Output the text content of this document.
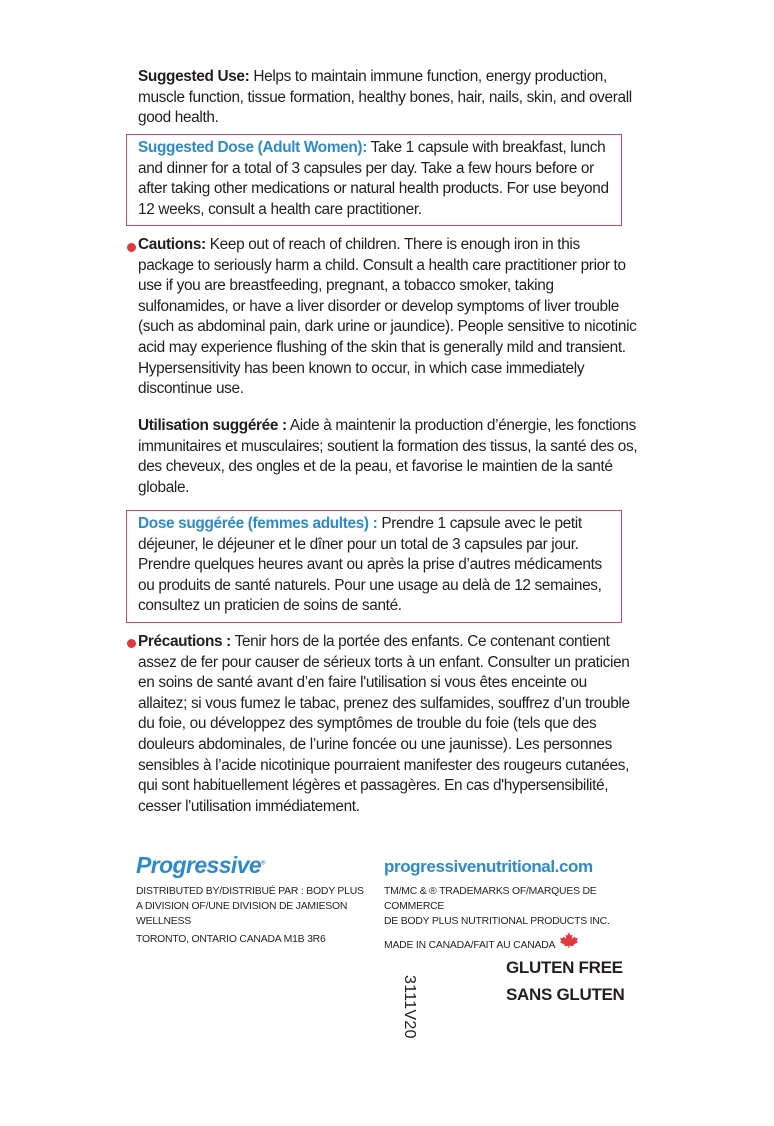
Suggested Use: Helps to maintain immune function, energy production, muscle function, tissue formation, healthy bones, hair, nails, skin, and overall good health.
Suggested Dose (Adult Women): Take 1 capsule with breakfast, lunch and dinner for a total of 3 capsules per day. Take a few hours before or after taking other medications or natural health products. For use beyond 12 weeks, consult a health care practitioner.
Cautions: Keep out of reach of children. There is enough iron in this package to seriously harm a child. Consult a health care practitioner prior to use if you are breastfeeding, pregnant, a tobacco smoker, taking sulfonamides, or have a liver disorder or develop symptoms of liver trouble (such as abdominal pain, dark urine or jaundice). People sensitive to nicotinic acid may experience flushing of the skin that is generally mild and transient. Hypersensitivity has been known to occur, in which case immediately discontinue use.
Utilisation suggérée : Aide à maintenir la production d’énergie, les fonctions immunitaires et musculaires; soutient la formation des tissus, la santé des os, des cheveux, des ongles et de la peau, et favorise le maintien de la santé globale.
Dose suggérée (femmes adultes) : Prendre 1 capsule avec le petit déjeuner, le déjeuner et le dîner pour un total de 3 capsules par jour. Prendre quelques heures avant ou après la prise d’autres médicaments ou produits de santé naturels. Pour une usage au delà de 12 semaines, consultez un praticien de soins de santé.
Précautions : Tenir hors de la portée des enfants. Ce contenant contient assez de fer pour causer de sérieux torts à un enfant. Consulter un praticien en soins de santé avant d’en faire l'utilisation si vous êtes enceinte ou allaitez; si vous fumez le tabac, prenez des sulfamides, souffrez d’un trouble du foie, ou développez des symptômes de trouble du foie (tels que des douleurs abdominales, de l’urine foncée ou une jaunisse). Les personnes sensibles à l’acide nicotinique pourraient manifester des rougeurs cutanées, qui sont habituellement légères et passagères. En cas d'hypersensibilité, cesser l'utilisation immédiatement.
Progressive®
DISTRIBUTED BY/DISTRIBUÉ PAR : BODY PLUS
A DIVISION OF/UNE DIVISION DE JAMIESON WELLNESS
TORONTO, ONTARIO CANADA M1B 3R6
progressivenutritional.com
TM/MC & ® TRADEMARKS OF/MARQUES DE COMMERCE
DE BODY PLUS NUTRITIONAL PRODUCTS INC.
MADE IN CANADA/FAIT AU CANADA
3111V20
GLUTEN FREE
SANS GLUTEN
